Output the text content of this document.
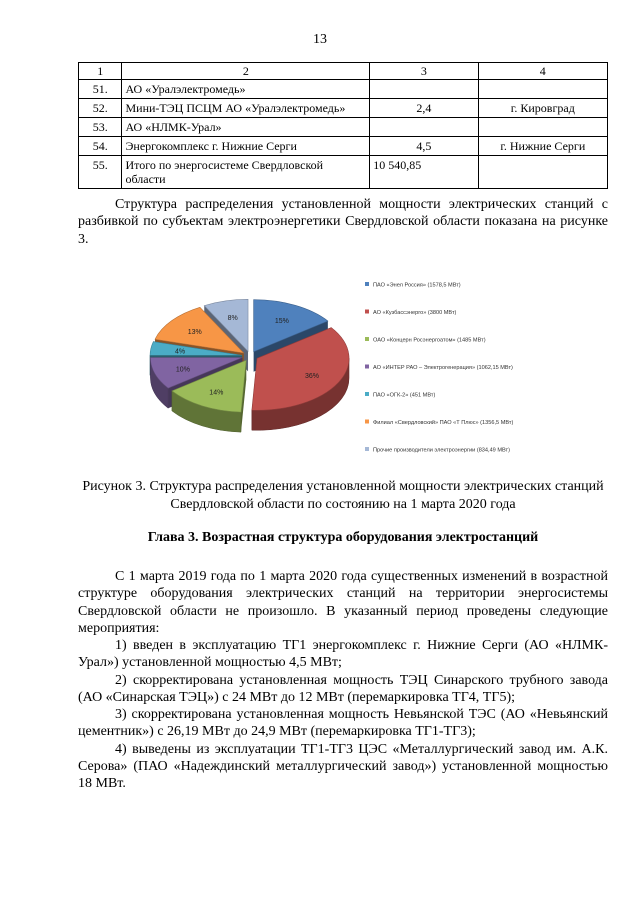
13
1	2	3	4
51.	АО «Уралэлектромедь»		
52.	Мини-ТЭЦ ПСЦМ АО «Уралэлектромедь»	2,4	г. Кировград
53.	АО «НЛМК-Урал»		
54.	Энергокомплекс г. Нижние Серги	4,5	г. Нижние Серги
55.	Итого по энергосистеме Свердловской области	10 540,85	
Структура распределения установленной мощности электрических станций с разбивкой по субъектам электроэнергетики Свердловской области показана на рисунке 3.
15%
36%
14%
10%
4%
13%
8%
ПАО «Энел Россия» (1578,5 МВт)
АО «Кузбассэнерго» (3800 МВт)
ОАО «Концерн Росэнергоатом» (1485 МВт)
АО «ИНТЕР РАО – Электрогенерация» (1062,15 МВт)
ПАО «ОГК-2» (451 МВт)
Филиал «Свердловский» ПАО «Т Плюс» (1356,5 МВт)
Прочие производители электроэнергии (834,49 МВт)
Рисунок 3. Структура распределения установленной мощности электрических станций Свердловской области по состоянию на 1 марта 2020 года
Глава 3. Возрастная структура оборудования электростанций
С 1 марта 2019 года по 1 марта 2020 года существенных изменений в возрастной структуре оборудования электрических станций на территории энергосистемы Свердловской области не произошло. В указанный период проведены следующие мероприятия:
1) введен в эксплуатацию ТГ1 энергокомплекс г. Нижние Серги (АО «НЛМК-Урал») установленной мощностью 4,5 МВт;
2) скорректирована установленная мощность ТЭЦ Синарского трубного завода (АО «Синарская ТЭЦ») с 24 МВт до 12 МВт (перемаркировка ТГ4, ТГ5);
3) скорректирована установленная мощность Невьянской ТЭС (АО «Невьянский цементник») с 26,19 МВт до 24,9 МВт (перемаркировка ТГ1-ТГ3);
4) выведены из эксплуатации ТГ1-ТГ3 ЦЭС «Металлургический завод им. А.К. Серова» (ПАО «Надеждинский металлургический завод») установленной мощностью 18 МВт.
